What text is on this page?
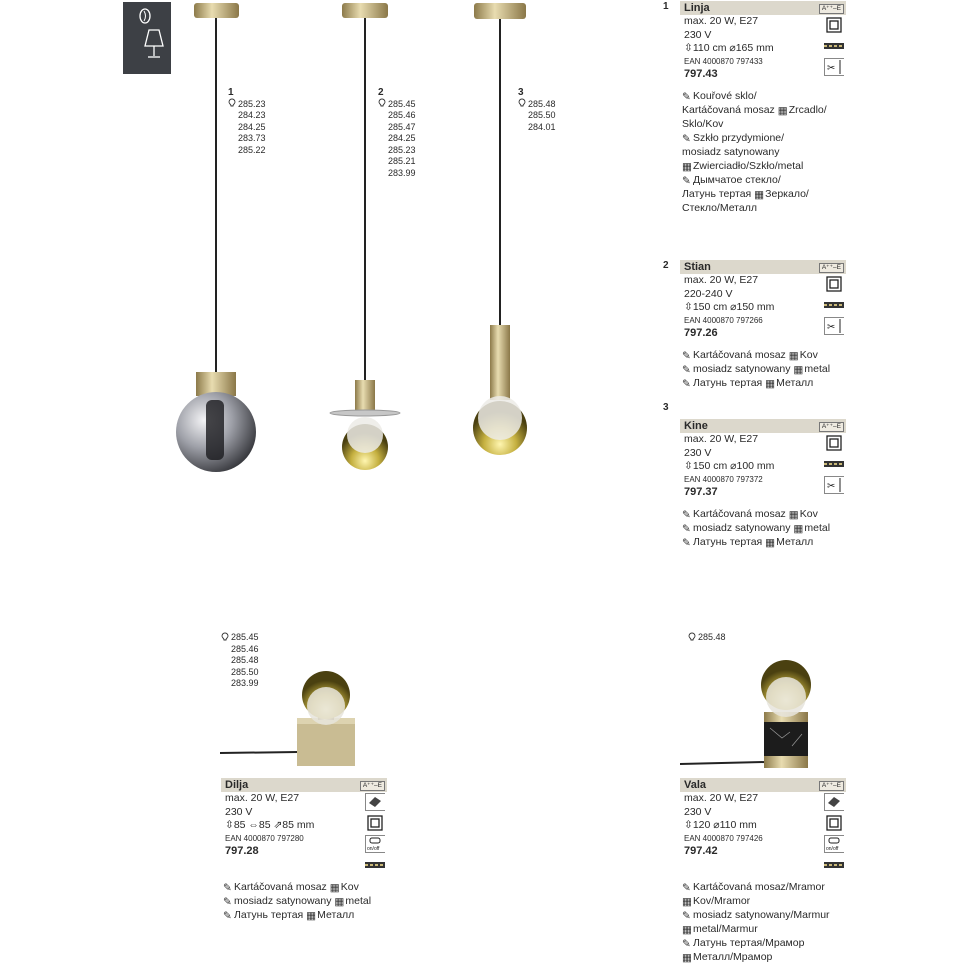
1
285.23
284.23
284.25
283.73
285.22
2
285.45
285.46
285.47
284.25
285.23
285.21
283.99
3
285.48
285.50
284.01
285.45
285.46
285.48
285.50
283.99
285.48
1 Linja	A⁺⁺–E
max. 20 W, E27
230 V
⇳110 cm ⌀165 mm
EAN 4000870 797433
797.43	✂
✎ Kouřové sklo/
Kartáčovaná mosaz ▦Zrcadlo/
Sklo/Kov
✎ Szkło przydymione/
mosiadz satynowany
▦Zwierciadło/Szkło/metal
✎ Дымчатое стекло/
Латунь тертая ▦Зеркало/
Стекло/Металл
2 Stian	A⁺⁺–E
max. 20 W, E27
220-240 V
⇳150 cm ⌀150 mm
EAN 4000870 797266
797.26	✂
✎ Kartáčovaná mosaz ▦Kov
✎ mosiadz satynowany ▦metal
✎ Латунь тертая ▦Металл
3
Kine	A⁺⁺–E
max. 20 W, E27
230 V
⇳150 cm ⌀100 mm
EAN 4000870 797372
797.37	✂
✎ Kartáčovaná mosaz ▦Kov
✎ mosiadz satynowany ▦metal
✎ Латунь тертая ▦Металл
Dilja	A⁺⁺–E
max. 20 W, E27
230 V
⇳85 ⇔85 ⇗85 mm
EAN 4000870 797280
797.28	on/off
✎ Kartáčovaná mosaz ▦Kov
✎ mosiadz satynowany ▦metal
✎ Латунь тертая ▦Металл
Vala	A⁺⁺–E
max. 20 W, E27
230 V
⇳120 ⌀110 mm
EAN 4000870 797426
797.42	on/off
✎ Kartáčovaná mosaz/Mramor
▦Kov/Mramor
✎ mosiadz satynowany/Marmur
▦metal/Marmur
✎ Латунь тертая/Мрамор
▦Металл/Мрамор
